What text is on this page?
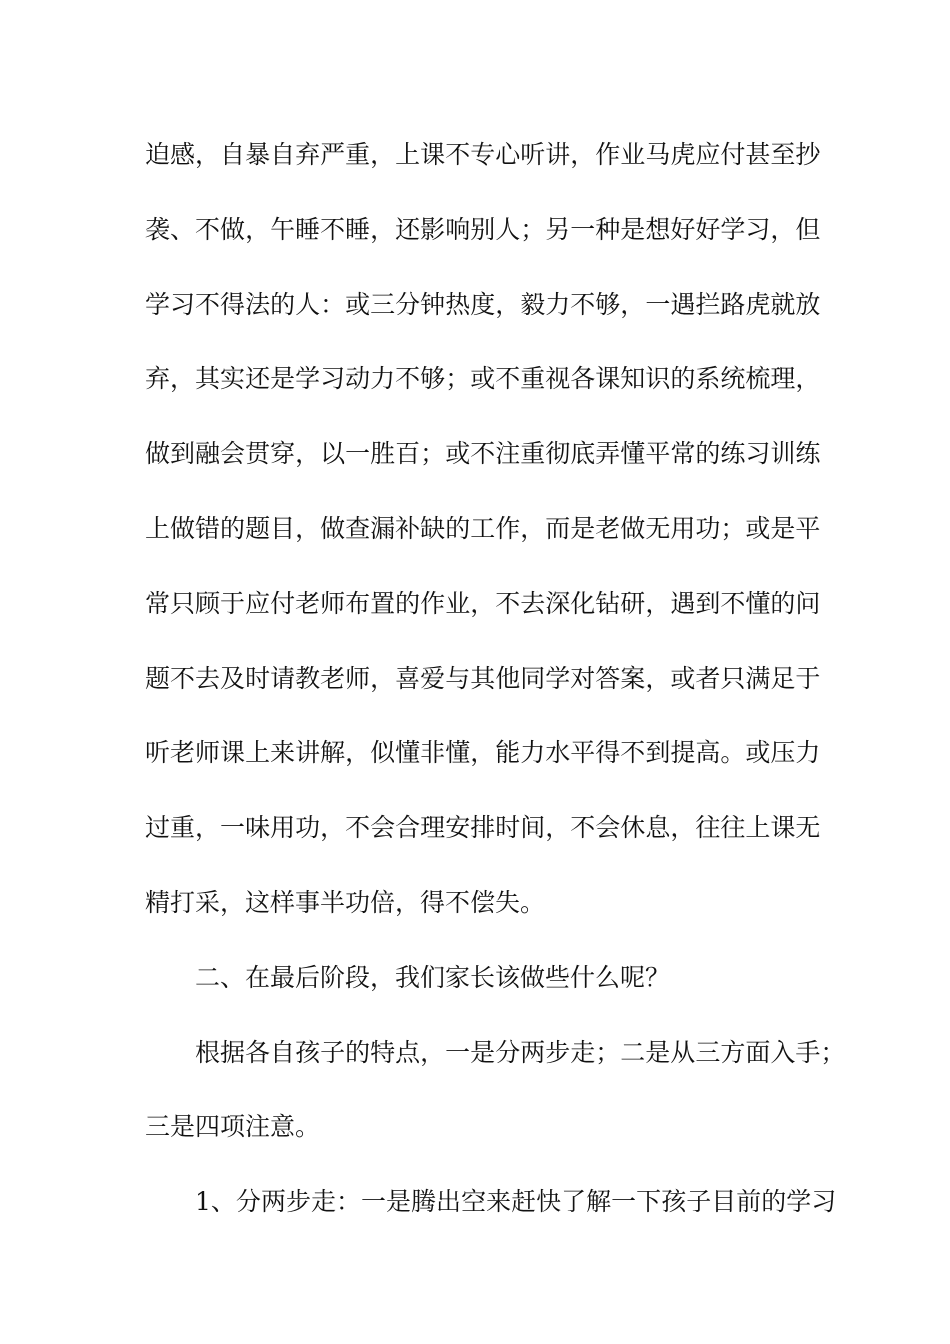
迫 感 ， 自 暴 自 弃 严 重 ， 上 课 不 专 心 听 讲 ， 作 业 马 虎 应 付 甚 至 抄
袭 、 不 做 ， 午 睡 不 睡 ， 还 影 响 别 人 ； 另 一 种 是 想 好 好 学 习 ， 但
学 习 不 得 法 的 人 ： 或 三 分 钟 热 度 ， 毅 力 不 够 ， 一 遇 拦 路 虎 就 放
弃 ， 其 实 还 是 学 习 动 力 不 够 ； 或 不 重 视 各 课 知 识 的 系 统 梳 理 ，
做 到 融 会 贯 穿 ， 以 一 胜 百 ； 或 不 注 重 彻 底 弄 懂 平 常 的 练 习 训 练
上 做 错 的 题 目 ， 做 查 漏 补 缺 的 工 作 ， 而 是 老 做 无 用 功 ； 或 是 平
常 只 顾 于 应 付 老 师 布 置 的 作 业 ， 不 去 深 化 钻 研 ， 遇 到 不 懂 的 问
题 不 去 及 时 请 教 老 师 ， 喜 爱 与 其 他 同 学 对 答 案 ， 或 者 只 满 足 于
听 老 师 课 上 来 讲 解 ， 似 懂 非 懂 ， 能 力 水 平 得 不 到 提 高 。 或 压 力
过 重 ， 一 味 用 功 ， 不 会 合 理 安 排 时 间 ， 不 会 休 息 ， 往 往 上 课 无
精打采，这样事半功倍，得不偿失。
二、在最后阶段，我们家长该做些什么呢？
根 据 各 自 孩 子 的 特 点 ， 一 是 分 两 步 走 ； 二 是 从 三 方 面 入 手 ；
三是四项注意。
1 、 分 两 步 走 ： 一 是 腾 出 空 来 赶 快 了 解 一 下 孩 子 目 前 的 学 习
